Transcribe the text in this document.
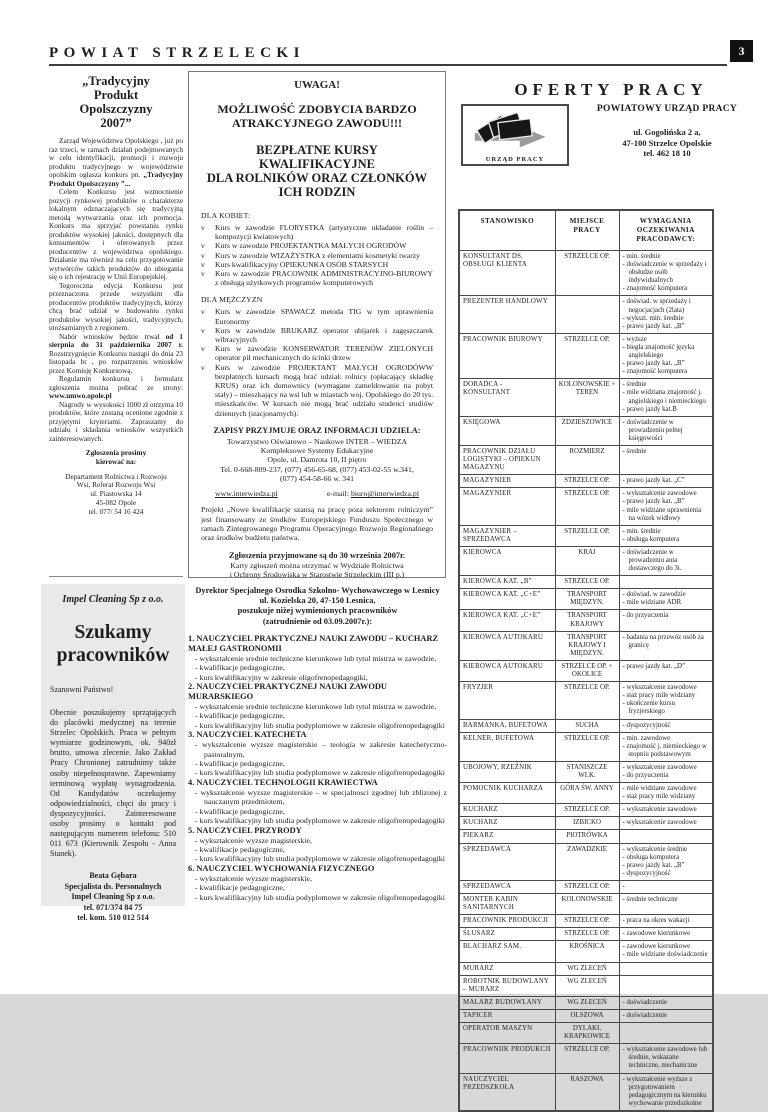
POWIAT STRZELECKI	3
„Tradycyjny
Produkt
Opolszczyzny
2007”

Zarząd Województwa Opolskiego , już po raz trzeci, w ramach działań podejmowanych w celu identyfikacji, promocji i rozwoju produktu tradycyjnego w województwie opolskim ogłasza konkurs pn. „Tradycyjny Produkt Opolszczyzny ”...

Celem Konkursu jest wzmocnienie pozycji rynkowej produktów o charakterze lokalnym odznaczających się tradycyjną metodą wytwarzania oraz ich promocja. Konkurs ma sprzyjać powstaniu rynku produktów wysokiej jakości, dostępnych dla konsumentów i oferowanych przez producentów z województwa opolskiego. Działanie ma również na celu przygotowanie wytwórców takich produktów do ubiegania się o ich rejestrację w Unii Europejskiej.

Tegoroczna edycja Konkursu jest przeznaczona przede wszystkim dla producentów produktów tradycyjnych, którzy chcą brać udział w budowaniu rynku produktów wysokiej jakości, tradycyjnych, utożsamianych z regionem.

Nabór wniosków będzie trwał od 1 sierpnia do 31 października 2007 r. Rozstrzygnięcie Konkursu nastąpi do dnia 23 listopada br , po rozpatrzeniu wniosków przez Komisję Konkursową.

Regulamin konkursu i formularz zgłoszenia można pobrać ze strony: www.umwo.opole.pl

Nagrody w wysokości 1000 zł otrzyma 10 produktów, które zostaną ocenione zgodnie z przyjętymi kryteriami. Zapraszamy do udziału i składania wniosków wszystkich zainteresowanych.

Zgłoszenia prosimy
kierować na:
Departament Rolnictwa i Rozwoju
Wsi, Referat Rozwoju Wsi
ul. Piastowska 14
45-082 Opole
tel. 077/ 54 16 424
Impel Cleaning Sp z o.o.
Szukamy pracowników
Szanowni Państwo!
Obecnie poszukujemy sprzątających do placówki medycznej na terenie Strzelec Opolskich. Praca w pełnym wymiarze godzinowym, ok. 940zł brutto, umowa zlecenie. Jako Zakład Pracy Chronionej zatrudnimy także osoby niepełnosprawne. Zapewniamy terminową wypłatę wynagrodzenia. Od Kandydatów oczekujemy odpowiedzialności, chęci do pracy i dyspozycyjności. Zainteresowane osoby prosimy o kontakt pod następującym numerem telefonu: 510 011 673 (Kierownik Zespołu - Anna Stanek).
Beata Gębara
Specjalista ds. Personalnych
Impel Cleaning Sp z o.o.
tel. 071/374 84 75
tel. kom. 510 012 514
UWAGA!
MOŻLIWOŚĆ ZDOBYCIA BARDZO
ATRAKCYJNEGO ZAWODU!!!
BEZPŁATNE KURSY KWALIFIKACYJNE
DLA ROLNIKÓW ORAZ CZŁONKÓW
ICH RODZIN
DLA KOBIET:
v	Kurs w zawodzie FLORYSTKA (artystyczne układanie roślin – kompozycji kwiatowych)
v	Kurs w zawodzie PROJEKTANTKA MAŁYCH OGRODÓW
v	Kurs w zawodzie WIZAŻYSTKA z elementami kosmetyki twarzy
v	Kurs kwalifikacyjny OPIEKUNKA OSÓB STARSYCH
v	Kurs w zawodzie PRACOWNIK ADMINISTRACYJNO-BIUROWY z obsługą użytkowych programów komputerowych
DLA MĘŻCZYZN
v	Kurs w zawodzie SPAWACZ metoda TIG w tym uprawnienia Euronormy
v	Kurs w zawodzie BRUKARZ operator ubijarek i zagęszczarek wibracyjnych
v	Kurs w zawodzie KONSERWATOR TERENÓW ZIELONYCH operator pił mechanicznych do ścinki drzew
v	Kurs w zawodzie PROJEKTANT MAŁYCH OGRODÓWW bezpłatnych kursach mogą brać udział: rolnicy (opłacający składkę KRUS) oraz ich domownicy (wymagane zameldowanie na pobyt stały) – mieszkający na wsi lub w miastach woj. Opolskiego do 20 tys. mieszkańców. W kursach nie mogą brać udziału studenci studiów dziennych (stacjonarnych).
ZAPISY PRZYJMUJE ORAZ INFORMACJI UDZIELA:
Towarzystwo Oświatowo – Naukowe INTER – WIEDZA
Kompleksowe Systemy Edukacyjne
Opole, ul. Damrota 10, II piętro
Tel. 0-668-809-237, (077) 456-65-68, (077) 453-02-55 w.341,
(077) 454-58-66 w. 341
www.interwiedza.pl	e-mail: biuro@interwiedza.pl
Projekt „Nowe kwalifikacje szansą na pracę poza sektorem rolniczym” jest finansowany ze środków Europejskiego Funduszu Społecznego w ramach Zintegrowanego Programu Operacyjnego Rozwoju Regionalnego oraz środków budżetu państwa.
Zgłoszenia przyjmowane są do 30 września 2007r.
Karty zgłoszeń można otrzymać w Wydziale Rolnictwa
i Ochrony Środowiska w Starostwie Strzeleckim (III p.)
Dyrektor Specjalnego Osrodka Szkolno- Wychowawczego w Lesnicy
ul. Kozielska 20, 47-150 Lesnica,
poszukuje niżej wymienionych pracowników
(zatrudnienie od 03.09.2007r.):
1. NAUCZYCIEL PRAKTYCZNEJ NAUKI ZAWODU – KUCHARZ MAŁEJ GASTRONOMII
- wykształcenie srednie techniczne kierunkowe lub tytul mistrza w zawodzie,
- kwalifikacje pedagogiczne,
- kurs kwalifikacyjny w zakresie oligofrenopedagogiki,
2. NAUCZYCIEL PRAKTYCZNEJ NAUKI ZAWODU MURARSKIEGO
- wykształcenie srednie techniczne kierunkowe lub tytul mistrza w zawodzie,
- kwalifikacje pedagogiczne,
- kurs kwalifikacyjny lub studia podyplomowe w zakresie oligofrenopedagogiki
3. NAUCZYCIEL KATECHETA
- wykształcenie wyzsze magisterskie – teologia w zakresie katechetyczno-pastoralnym,
- kwalifikacje pedagogiczne,
- kurs kwalifikacyjny lub studia podyplomowe w zakresie oligofrenopedagogiki
4. NAUCZYCIEL TECHNOLOGII KRAWIECTWA
- wykształcenie wyzsze magisterskie – w specjalnosci zgodnej lub zblizonej z nauczanym przedmiotem,
- kwalifikacje pedagogiczne,
- kurs kwalifikacyjny lub studia podyplomowe w zakresie oligofrenopedagogiki
5. NAUCZYCIEL PRZYRODY
- wykształcenie wyzsze magisterskie,
- kwalifikacje pedagogiczne,
- kurs kwalifikacyjny lub studia podyplomowe w zakresie oligofrenopedagogiki
6. NAUCZYCIEL WYCHOWANIA FIZYCZNEGO
- wykształcenie wyzsze magisterskie,
- kwalifikacje pedagogiczne,
- kurs kwalifikacyjny lub studia podyplomowe w zakresie oligofrenopedagogiki
OFERTY PRACY
URZĄD PRACY
POWIATOWY URZĄD PRACY
ul. Gogolińska 2 a,
47-100 Strzelce Opolskie
tel. 462 18 10
STANOWISKO	MIEJSCE
PRACY	WYMAGANIA
OCZEKIWANIA
PRACODAWCY:

KONSULTANT DS. OBSŁUGI KLIENTA	STRZELCE OP.	- min. średnie
- doświadczenie w sprzedaży i obsłudze osób indywidualnych
- znajomość komputera

PREZENTER HANDLOWY		- doświad. w sprzedaży i negocjacjach (2lata)
- wykszt. min. średnie
- prawo jazdy kat. „B”

PRACOWNIK BIUROWY	STRZELCE OP.	- wyższe
- biegła znajomość języka angielskiego
- prawo jazdy kat. „B”
- znajomość komputera

DORADCA - KONSULTANT	KOLONOWSKIE + TEREN	- średnie
- mile widziana znajomość j. angielskiego i niemieckiego
- prawo jazdy kat.B

KSIĘGOWA	ZDZIESZOWICE	- doświadczenie w prowadzeniu pełnej księgowości

PRACOWNIK DZIAŁU LOGISTYKI – OPIEKUN MAGAZYNU	ROZMIERZ	- średnie

MAGAZYNIER	STRZELCE OP.	- prawo jazdy kat. „C”

MAGAZYNIER	STRZELCE OP.	- wykształcenie zawodowe
- prawo jazdy kat. „B”
- mile widziane uprawnienia na wózek widłowy

MAGAZYNIER – SPRZEDAWCA	STRZELCE OP.	- min. średnie
- obsługa komputera

KIEROWCA	KRAJ	- doświadczenie w prowadzeniu auta dostawczego do 3t.

KIEROWCA KAT. „B”	STRZELCE OP.	
KIEROWCA KAT. „C+E”	TRANSPORT MIĘDZYN.	- doświad. w zawodzie
- mile widziane ADR

KIEROWCA KAT. „C+E”	TRANSPORT KRAJOWY	- do przyuczenia

KIEROWCA AUTOKARU	TRANSPORT KRAJOWY I MIĘDZYN.	- badania na przewóz osób za granicę

KIEROWCA AUTOKARU	STRZELCE OP. + OKOLICE	- prawo jazdy kat. „D”

FRYZJER	STRZELCE OP.	- wykształcenie zawodowe
- staż pracy mile widziany
- ukończenie kursu fryzjerskiego

BARMANKA, BUFETOWA	SUCHA	- dyspozycyjność

KELNER, BUFETOWA	STRZELCE OP.	- min. zawodowe
- znajomość j. niemieckiego w stopniu podstawowym

UBOJOWY, RZEŹNIK	STANISZCZE WLK.	- wykształcenie zawodowe
- do przyuczenia

POMOCNIK KUCHARZA	GÓRA ŚW. ANNY	- mile widziane zawodowe
- staż pracy mile widziany

KUCHARZ	STRZELCE OP.	- wykształcenie zawodowe

KUCHARZ	IZBICKO	- wykształcenie zawodowe

PIEKARZ	PIOTRÓWKA	
SPRZEDAWCA	ZAWADZKIE	- wykształcenie średnie
- obsługa komputera
- prawo jazdy kat. „B”
- dyspozycyjność

SPRZEDAWCA	STRZELCE OP.	-

MONTER KABIN SANITARNYCH	KOLONOWSKIE	- średnie techniczne

PRACOWNIK PRODUKCJI	STRZELCE OP.	- praca na okres wakacji

ŚLUSARZ	STRZELCE OP.	- zawodowe kierunkowe

BLACHARZ SAM.	KROŚNICA	- zawodowe kierunkowe
- mile widziane doświadczenie

MURARZ	WG ZLECEŃ	
ROBOTNIK BUDOWLANY – MURARZ	WG ZLECEŃ	
MALARZ BUDOWLANY	WG ZLECEŃ	- doświadczenie

TAPICER	OLSZOWA	- doświadczenie

OPERATOR MASZYN	DYLAKI, KRAPKOWICE	
PRACOWNIIK PRODUKCJI	STRZELCE OP.	- wykształcenie zawodowe lub średnie, wskazane techniczne, mechaniczne

NAUCZYCIEL PRZEDSZKOLA	RASZOWA	- wykształcenie wyższe z przygotowaniem pedagogicznym na kierunku wychowanie przedszkolne
